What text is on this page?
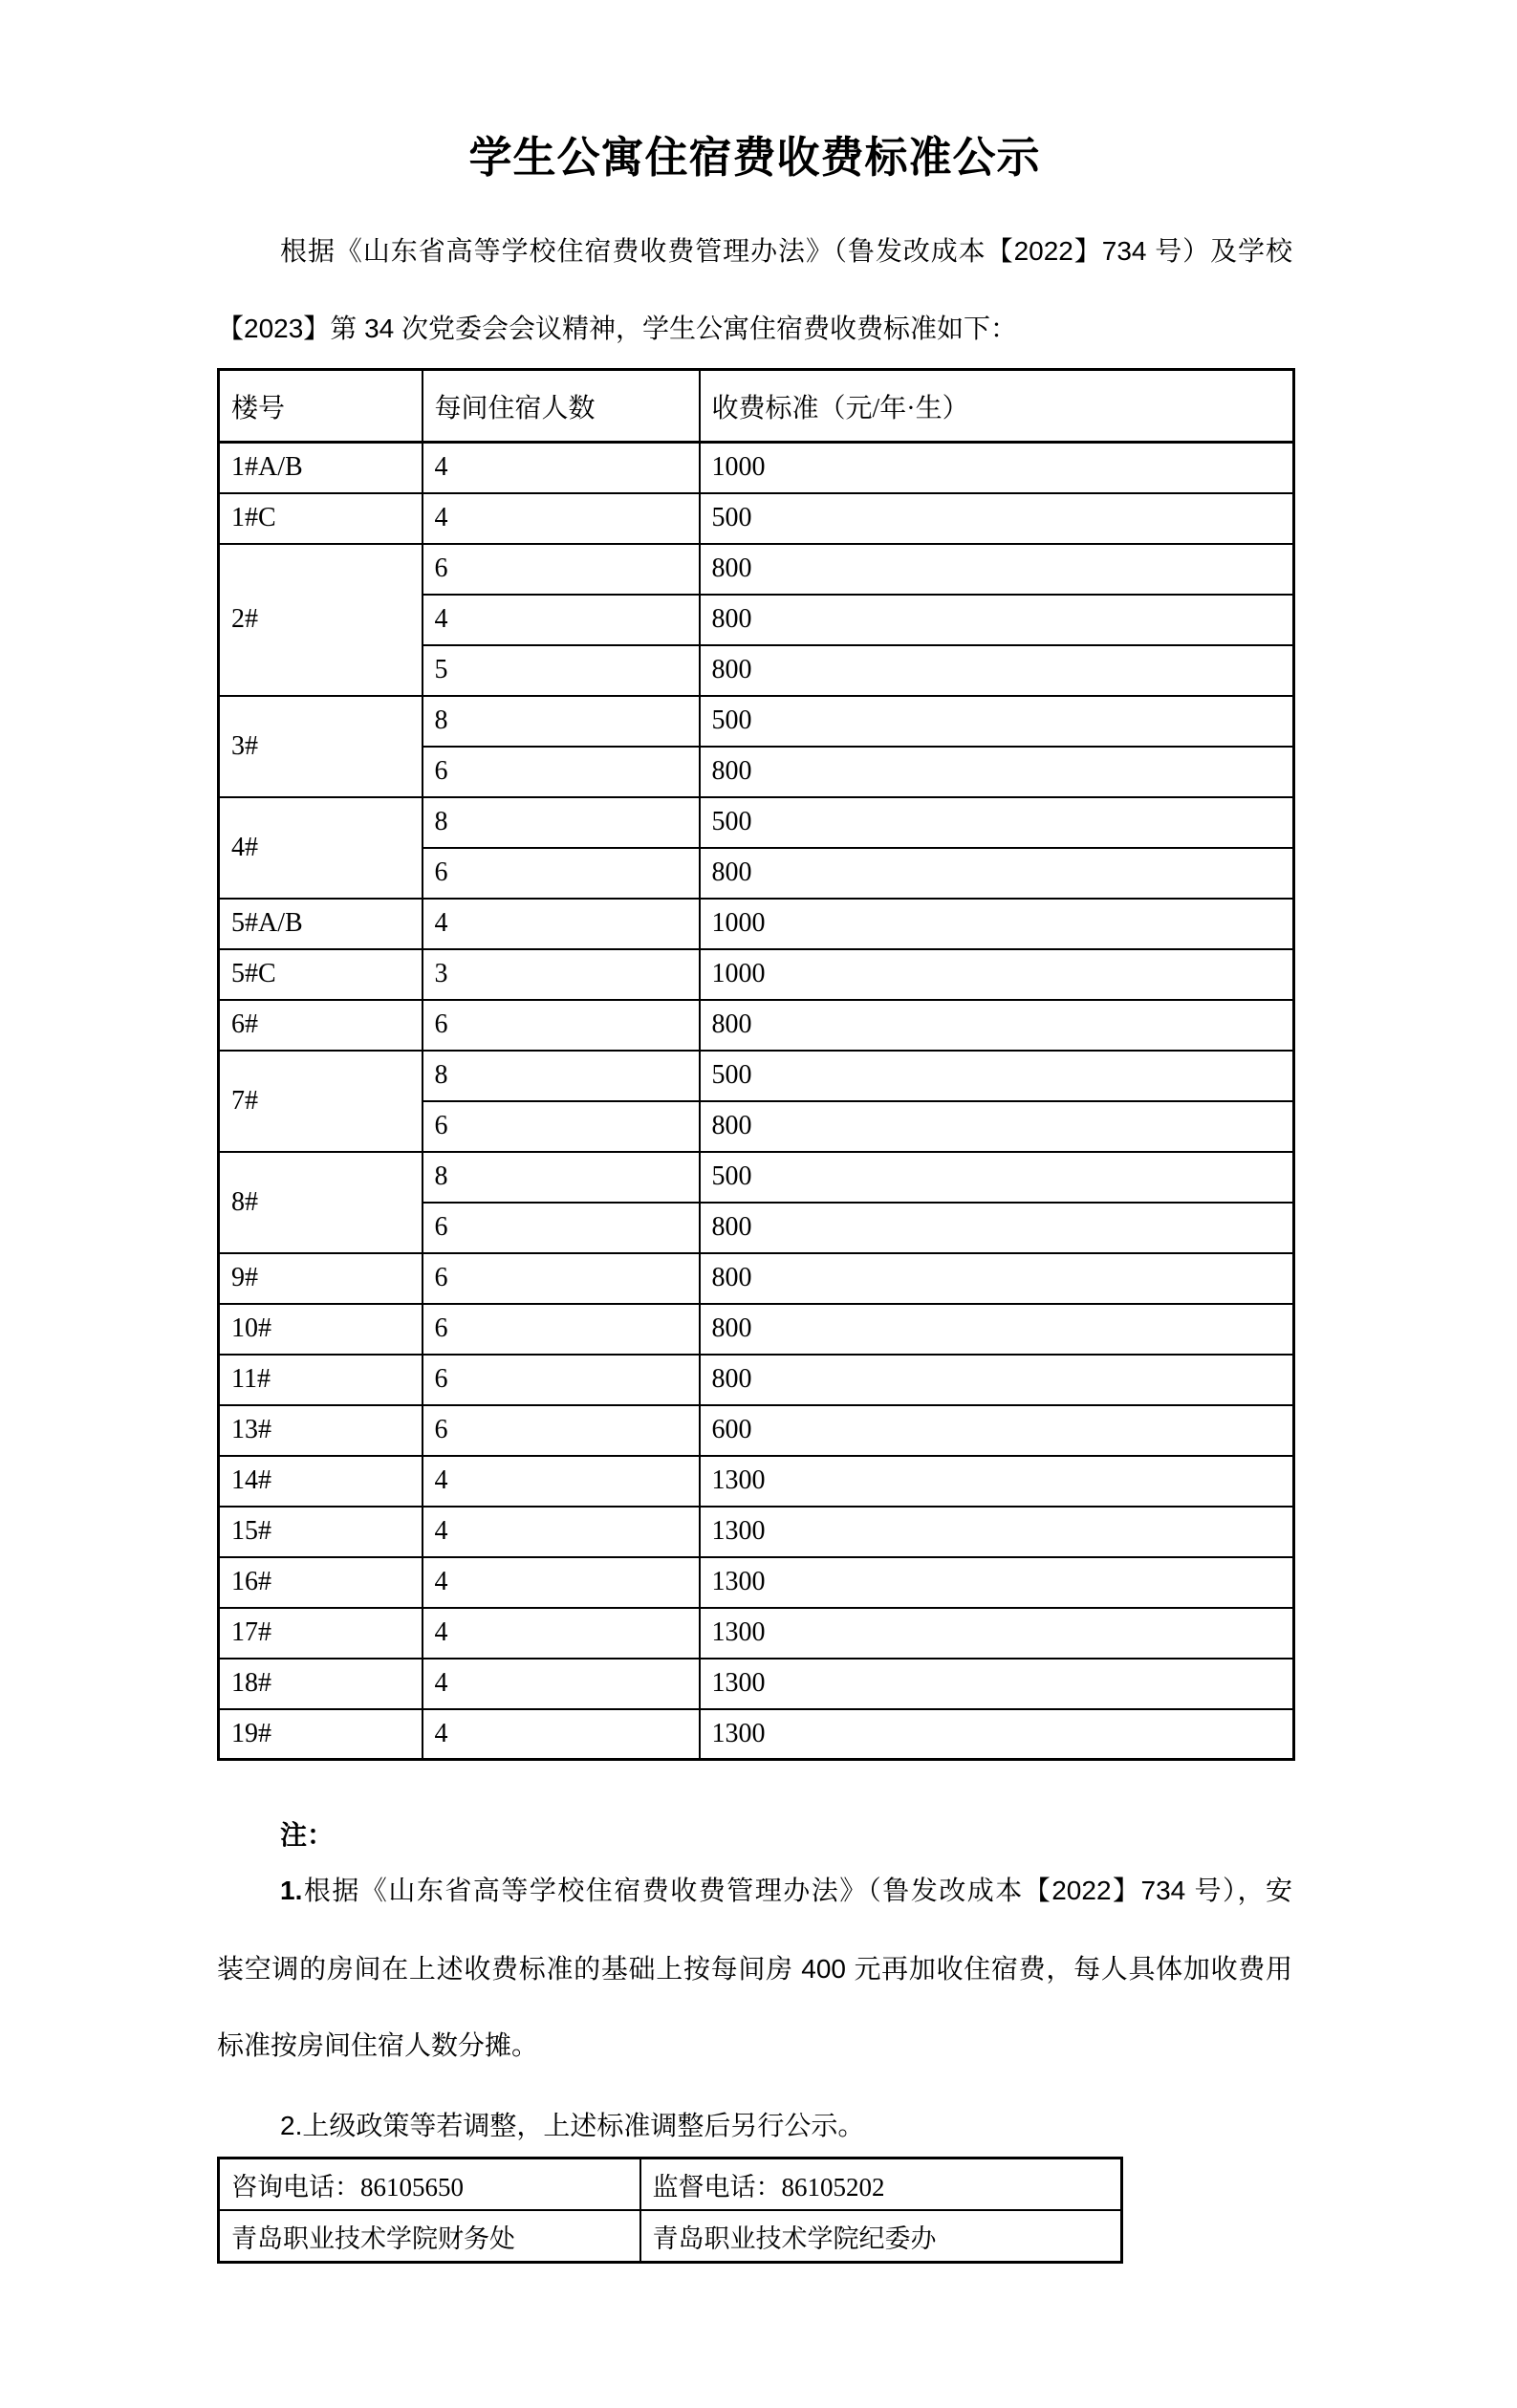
学生公寓住宿费收费标准公示
根据《山东省高等学校住宿费收费管理办法》（鲁发改成本【2022】734 号）及学校
【2023】第 34 次党委会会议精神，学生公寓住宿费收费标准如下：
楼号	每间住宿人数	收费标准（元/年·生）
1#A/B	4	1000
1#C	4	500
2#	6	800
	4	800
	5	800
3#	8	500
	6	800
4#	8	500
	6	800
5#A/B	4	1000
5#C	3	1000
6#	6	800
7#	8	500
	6	800
8#	8	500
	6	800
9#	6	800
10#	6	800
11#	6	800
13#	6	600
14#	4	1300
15#	4	1300
16#	4	1300
17#	4	1300
18#	4	1300
19#	4	1300
注：
1.根据《山东省高等学校住宿费收费管理办法》（鲁发改成本【2022】734 号），安
装空调的房间在上述收费标准的基础上按每间房 400 元再加收住宿费，每人具体加收费用
标准按房间住宿人数分摊。
2.上级政策等若调整，上述标准调整后另行公示。
咨询电话：86105650	监督电话：86105202
青岛职业技术学院财务处	青岛职业技术学院纪委办
